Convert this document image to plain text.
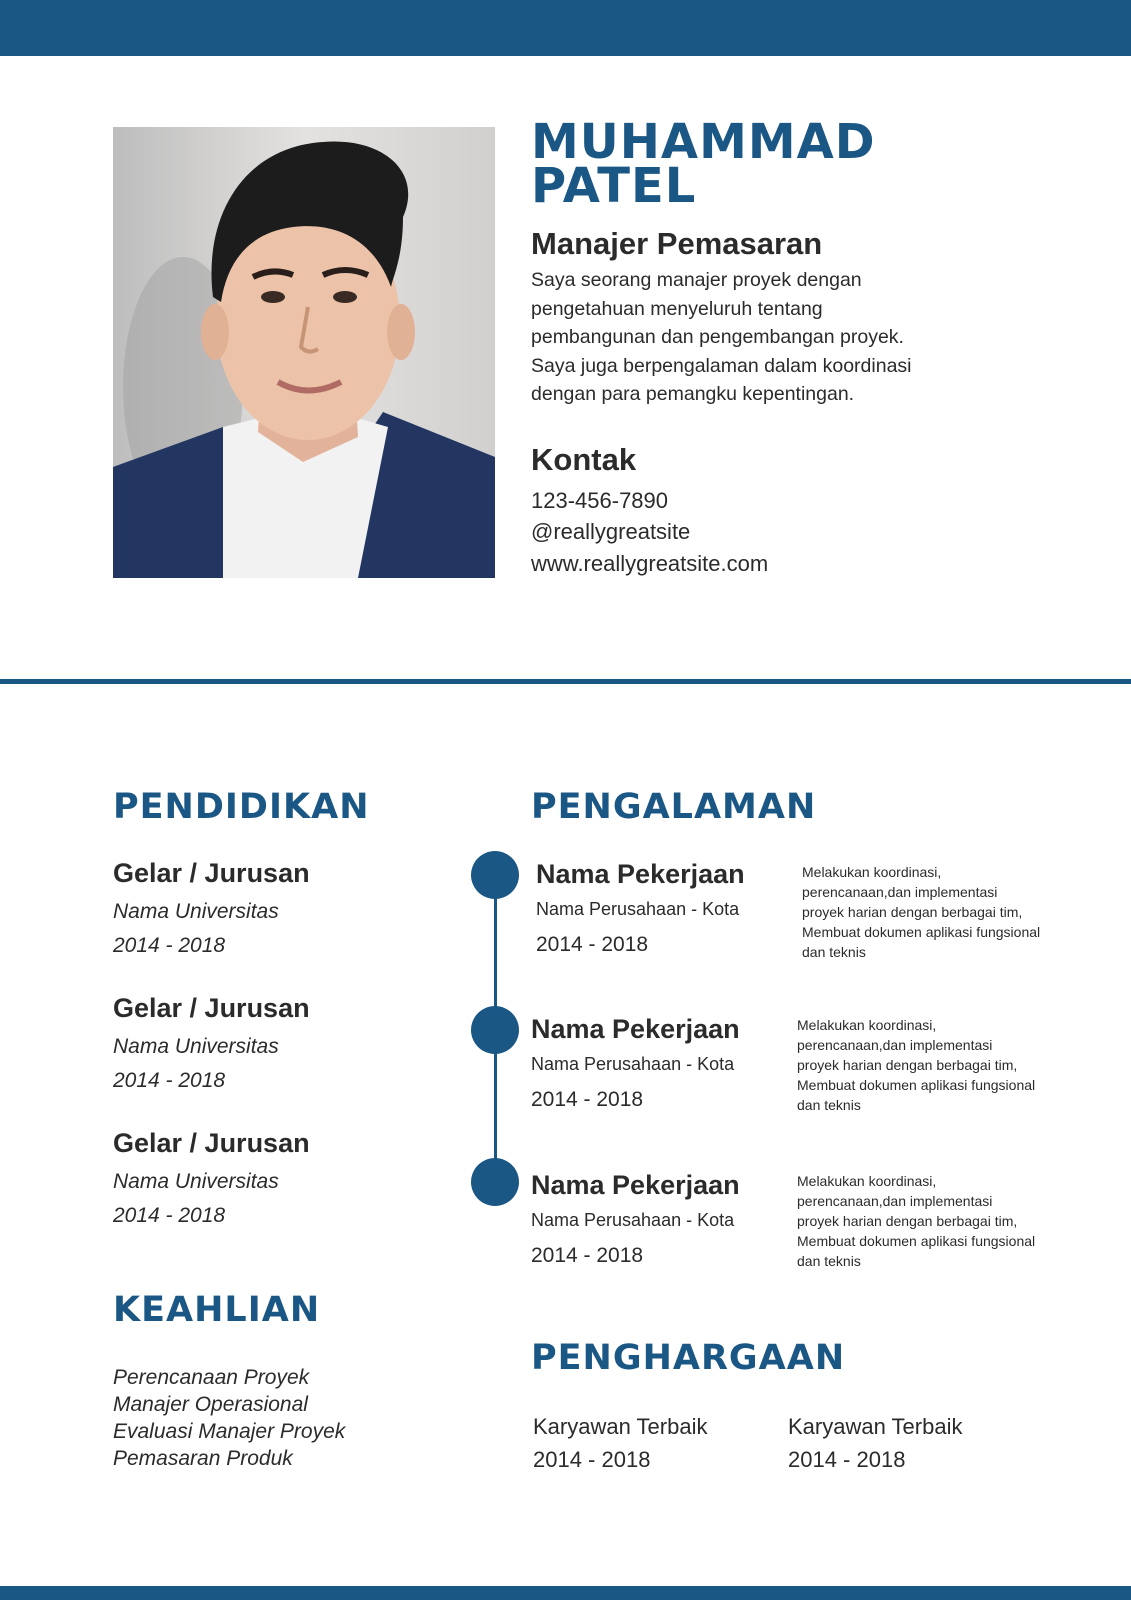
MUHAMMAD
PATEL
Manajer Pemasaran

Saya seorang manajer proyek dengan pengetahuan menyeluruh tentang pembangunan dan pengembangan proyek. Saya juga berpengalaman dalam koordinasi dengan para pemangku kepentingan.

Kontak
123-456-7890
@reallygreatsite
www.reallygreatsite.com
PENDIDIKAN
Gelar / Jurusan
Nama Universitas
2014 - 2018
Gelar / Jurusan
Nama Universitas
2014 - 2018
Gelar / Jurusan
Nama Universitas
2014 - 2018
KEAHLIAN
Perencanaan Proyek
Manajer Operasional
Evaluasi Manajer Proyek
Pemasaran Produk
PENGALAMAN
Nama Pekerjaan
Nama Perusahaan - Kota
2014 - 2018
Melakukan koordinasi, perencanaan,dan implementasi proyek harian dengan berbagai tim, Membuat dokumen aplikasi fungsional dan teknis
Nama Pekerjaan
Nama Perusahaan - Kota
2014 - 2018
Melakukan koordinasi, perencanaan,dan implementasi proyek harian dengan berbagai tim, Membuat dokumen aplikasi fungsional dan teknis
Nama Pekerjaan
Nama Perusahaan - Kota
2014 - 2018
Melakukan koordinasi, perencanaan,dan implementasi proyek harian dengan berbagai tim, Membuat dokumen aplikasi fungsional dan teknis
PENGHARGAAN
Karyawan Terbaik
2014 - 2018
Karyawan Terbaik
2014 - 2018
